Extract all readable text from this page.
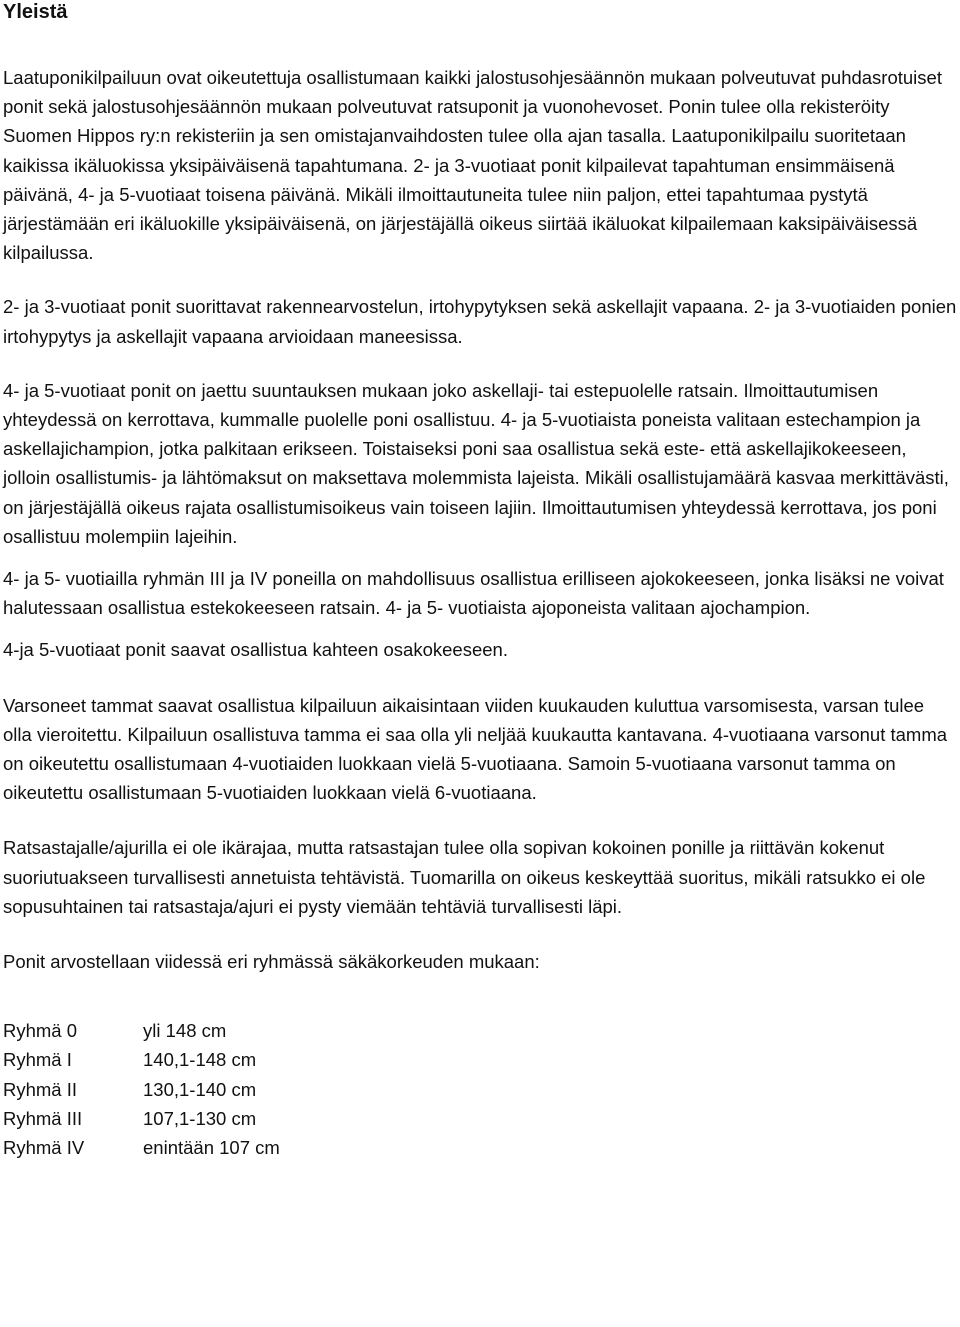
Yleistä

Laatuponikilpailuun ovat oikeutettuja osallistumaan kaikki jalostusohjesäännön mukaan polveutuvat puhdasrotuiset ponit sekä jalostusohjesäännön mukaan polveutuvat ratsuponit ja vuonohevoset. Ponin tulee olla rekisteröity Suomen Hippos ry:n rekisteriin ja sen omistajanvaihdosten tulee olla ajan tasalla. Laatuponikilpailu suoritetaan kaikissa ikäluokissa yksipäiväisenä tapahtumana. 2- ja 3-vuotiaat ponit kilpailevat tapahtuman ensimmäisenä päivänä, 4- ja 5-vuotiaat toisena päivänä. Mikäli ilmoittautuneita tulee niin paljon, ettei tapahtumaa pystytä järjestämään eri ikäluokille yksipäiväisenä, on järjestäjällä oikeus siirtää ikäluokat kilpailemaan kaksipäiväisessä kilpailussa.

2- ja 3-vuotiaat ponit suorittavat rakennearvostelun, irtohypytyksen sekä askellajit vapaana. 2- ja 3-vuotiaiden ponien irtohypytys ja askellajit vapaana arvioidaan maneesissa.

4- ja 5-vuotiaat ponit on jaettu suuntauksen mukaan joko askellaji- tai estepuolelle ratsain. Ilmoittautumisen yhteydessä on kerrottava, kummalle puolelle poni osallistuu. 4- ja 5-vuotiaista poneista valitaan estechampion ja askellajichampion, jotka palkitaan erikseen. Toistaiseksi poni saa osallistua sekä este- että askellajikokeeseen, jolloin osallistumis- ja lähtömaksut on maksettava molemmista lajeista. Mikäli osallistujamäärä kasvaa merkittävästi, on järjestäjällä oikeus rajata osallistumisoikeus vain toiseen lajiin. Ilmoittautumisen yhteydessä kerrottava, jos poni osallistuu molempiin lajeihin.

4- ja 5- vuotiailla ryhmän III ja IV poneilla on mahdollisuus osallistua erilliseen ajokokeeseen, jonka lisäksi ne voivat halutessaan osallistua estekokeeseen ratsain. 4- ja 5- vuotiaista ajoponeista valitaan ajochampion.

4-ja 5-vuotiaat ponit saavat osallistua kahteen osakokeeseen.

Varsoneet tammat saavat osallistua kilpailuun aikaisintaan viiden kuukauden kuluttua varsomisesta, varsan tulee olla vieroitettu. Kilpailuun osallistuva tamma ei saa olla yli neljää kuukautta kantavana. 4-vuotiaana varsonut tamma on oikeutettu osallistumaan 4-vuotiaiden luokkaan vielä 5-vuotiaana. Samoin 5-vuotiaana varsonut tamma on oikeutettu osallistumaan 5-vuotiaiden luokkaan vielä 6-vuotiaana.

Ratsastajalle/ajurilla ei ole ikärajaa, mutta ratsastajan tulee olla sopivan kokoinen ponille ja riittävän kokenut suoriutuakseen turvallisesti annetuista tehtävistä. Tuomarilla on oikeus keskeyttää suoritus, mikäli ratsukko ei ole sopusuhtainen tai ratsastaja/ajuri ei pysty viemään tehtäviä turvallisesti läpi.

Ponit arvostellaan viidessä eri ryhmässä säkäkorkeuden mukaan:

Ryhmä 0	yli 148 cm
Ryhmä I	140,1-148 cm
Ryhmä II	130,1-140 cm
Ryhmä III	107,1-130 cm
Ryhmä IV	enintään 107 cm
